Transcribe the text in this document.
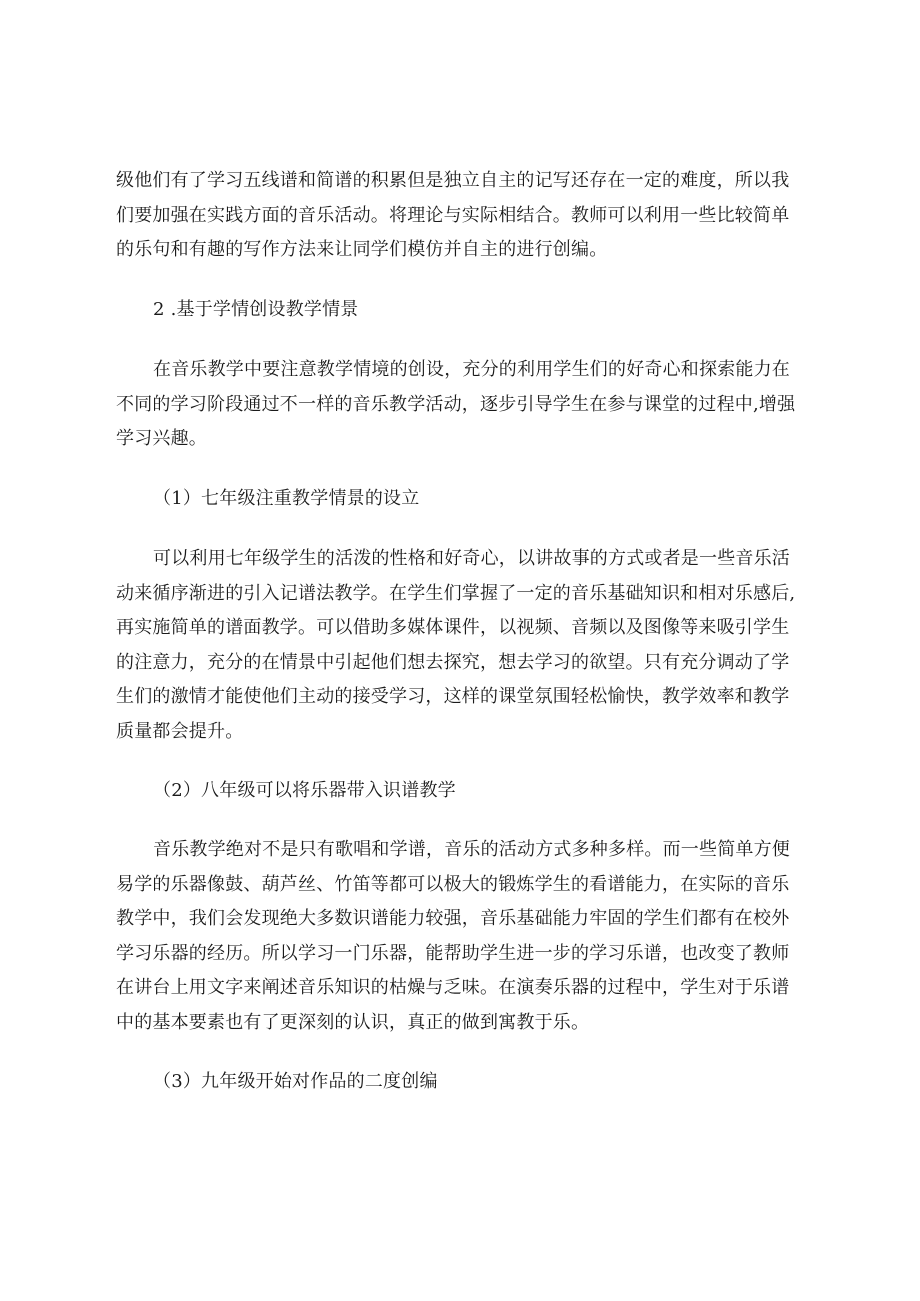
级他们有了学习五线谱和简谱的积累但是独立自主的记写还存在一定的难度，所以我
们要加强在实践方面的音乐活动。将理论与实际相结合。教师可以利用一些比较简单
的乐句和有趣的写作方法来让同学们模仿并自主的进行创编。
2 .基于学情创设教学情景
在音乐教学中要注意教学情境的创设，充分的利用学生们的好奇心和探索能力在
不同的学习阶段通过不一样的音乐教学活动，逐步引导学生在参与课堂的过程中,增强
学习兴趣。
（1）七年级注重教学情景的设立
可以利用七年级学生的活泼的性格和好奇心，以讲故事的方式或者是一些音乐活
动来循序渐进的引入记谱法教学。在学生们掌握了一定的音乐基础知识和相对乐感后,
再实施简单的谱面教学。可以借助多媒体课件，以视频、音频以及图像等来吸引学生
的注意力，充分的在情景中引起他们想去探究，想去学习的欲望。只有充分调动了学
生们的激情才能使他们主动的接受学习，这样的课堂氛围轻松愉快，教学效率和教学
质量都会提升。
（2）八年级可以将乐器带入识谱教学
音乐教学绝对不是只有歌唱和学谱，音乐的活动方式多种多样。而一些简单方便
易学的乐器像鼓、葫芦丝、竹笛等都可以极大的锻炼学生的看谱能力，在实际的音乐
教学中，我们会发现绝大多数识谱能力较强，音乐基础能力牢固的学生们都有在校外
学习乐器的经历。所以学习一门乐器，能帮助学生进一步的学习乐谱，也改变了教师
在讲台上用文字来阐述音乐知识的枯燥与乏味。在演奏乐器的过程中，学生对于乐谱
中的基本要素也有了更深刻的认识，真正的做到寓教于乐。
（3）九年级开始对作品的二度创编
